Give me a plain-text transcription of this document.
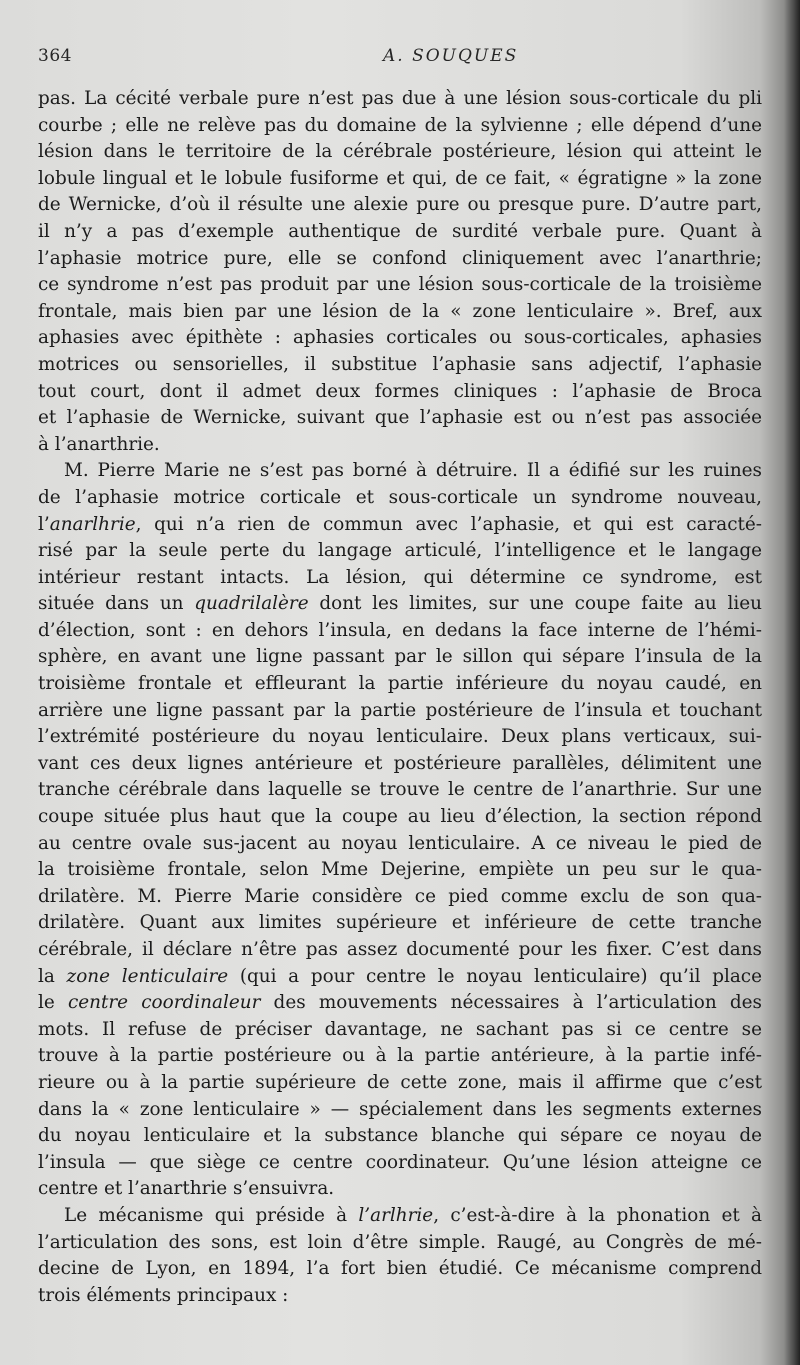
364	A. SOUQUES
pas. La cécité verbale pure n’est pas due à une lésion sous-corticale du pli
courbe ; elle ne relève pas du domaine de la sylvienne ; elle dépend d’une
lésion dans le territoire de la cérébrale postérieure, lésion qui atteint le
lobule lingual et le lobule fusiforme et qui, de ce fait, « égratigne » la zone
de Wernicke, d’où il résulte une alexie pure ou presque pure. D’autre part,
il n’y a pas d’exemple authentique de surdité verbale pure. Quant à
l’aphasie motrice pure, elle se confond cliniquement avec l’anarthrie;
ce syndrome n’est pas produit par une lésion sous-corticale de la troisième
frontale, mais bien par une lésion de la « zone lenticulaire ». Bref, aux
aphasies avec épithète : aphasies corticales ou sous-corticales, aphasies
motrices ou sensorielles, il substitue l’aphasie sans adjectif, l’aphasie
tout court, dont il admet deux formes cliniques : l’aphasie de Broca
et l’aphasie de Wernicke, suivant que l’aphasie est ou n’est pas associée
à l’anarthrie.
M. Pierre Marie ne s’est pas borné à détruire. Il a édifié sur les ruines
de l’aphasie motrice corticale et sous-corticale un syndrome nouveau,
l’anarlhrie, qui n’a rien de commun avec l’aphasie, et qui est caracté-
risé par la seule perte du langage articulé, l’intelligence et le langage
intérieur restant intacts. La lésion, qui détermine ce syndrome, est
située dans un quadrilalère dont les limites, sur une coupe faite au lieu
d’élection, sont : en dehors l’insula, en dedans la face interne de l’hémi-
sphère, en avant une ligne passant par le sillon qui sépare l’insula de la
troisième frontale et effleurant la partie inférieure du noyau caudé, en
arrière une ligne passant par la partie postérieure de l’insula et touchant
l’extrémité postérieure du noyau lenticulaire. Deux plans verticaux, sui-
vant ces deux lignes antérieure et postérieure parallèles, délimitent une
tranche cérébrale dans laquelle se trouve le centre de l’anarthrie. Sur une
coupe située plus haut que la coupe au lieu d’élection, la section répond
au centre ovale sus-jacent au noyau lenticulaire. A ce niveau le pied de
la troisième frontale, selon Mme Dejerine, empiète un peu sur le qua-
drilatère. M. Pierre Marie considère ce pied comme exclu de son qua-
drilatère. Quant aux limites supérieure et inférieure de cette tranche
cérébrale, il déclare n’être pas assez documenté pour les fixer. C’est dans
la zone lenticulaire (qui a pour centre le noyau lenticulaire) qu’il place
le centre coordinaleur des mouvements nécessaires à l’articulation des
mots. Il refuse de préciser davantage, ne sachant pas si ce centre se
trouve à la partie postérieure ou à la partie antérieure, à la partie infé-
rieure ou à la partie supérieure de cette zone, mais il affirme que c’est
dans la « zone lenticulaire » — spécialement dans les segments externes
du noyau lenticulaire et la substance blanche qui sépare ce noyau de
l’insula — que siège ce centre coordinateur. Qu’une lésion atteigne ce
centre et l’anarthrie s’ensuivra.
Le mécanisme qui préside à l’arlhrie, c’est-à-dire à la phonation et à
l’articulation des sons, est loin d’être simple. Raugé, au Congrès de mé-
decine de Lyon, en 1894, l’a fort bien étudié. Ce mécanisme comprend
trois éléments principaux :
